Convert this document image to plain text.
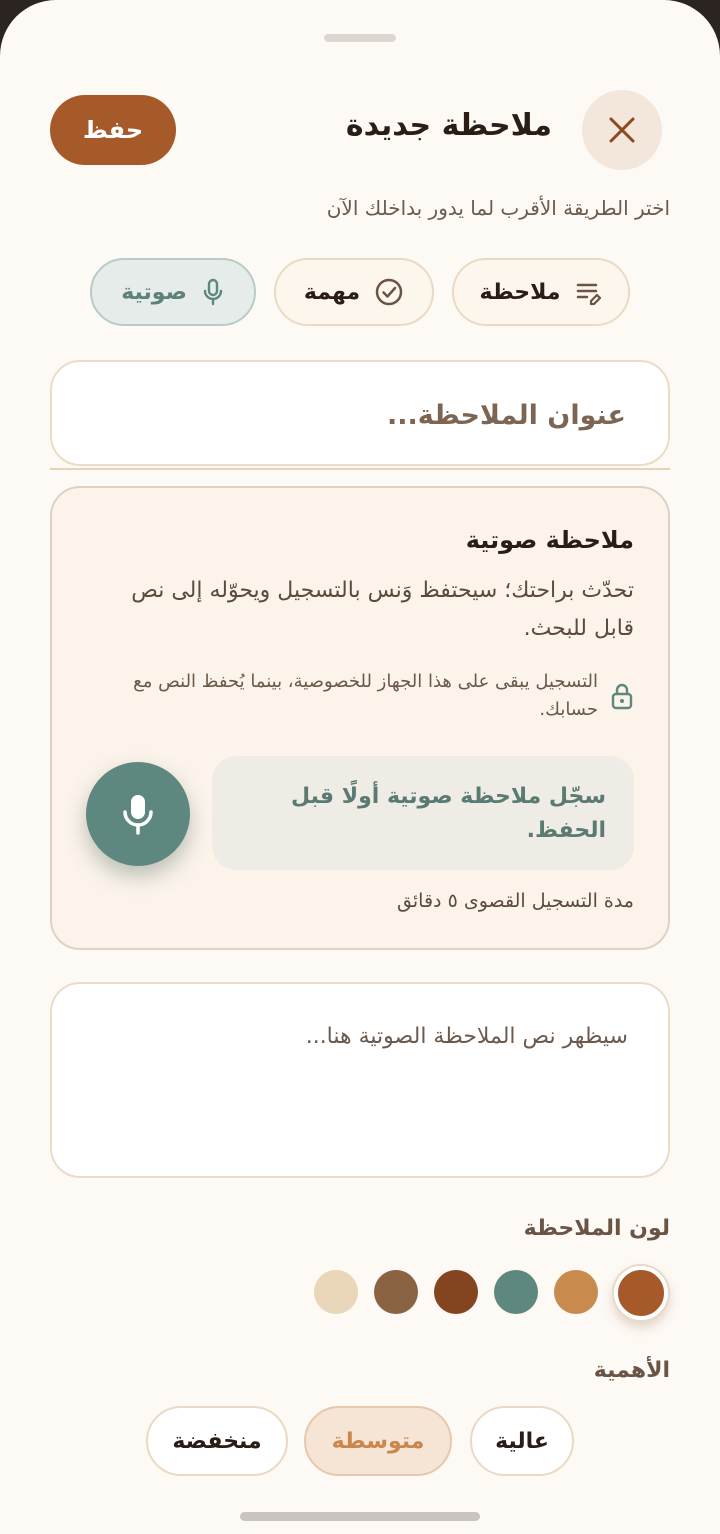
ملاحظة جديدة
حفظ
اختر الطريقة الأقرب لما يدور بداخلك الآن
ملاحظة
مهمة
صوتية
عنوان الملاحظة...
ملاحظة صوتية
تحدّث براحتك؛ سيحتفظ وَنس بالتسجيل ويحوّله إلى نص قابل للبحث.
التسجيل يبقى على هذا الجهاز للخصوصية، بينما يُحفظ النص مع حسابك.
سجّل ملاحظة صوتية أولًا قبل الحفظ.
مدة التسجيل القصوى ٥ دقائق
سيظهر نص الملاحظة الصوتية هنا...
لون الملاحظة
الأهمية
عالية
متوسطة
منخفضة
